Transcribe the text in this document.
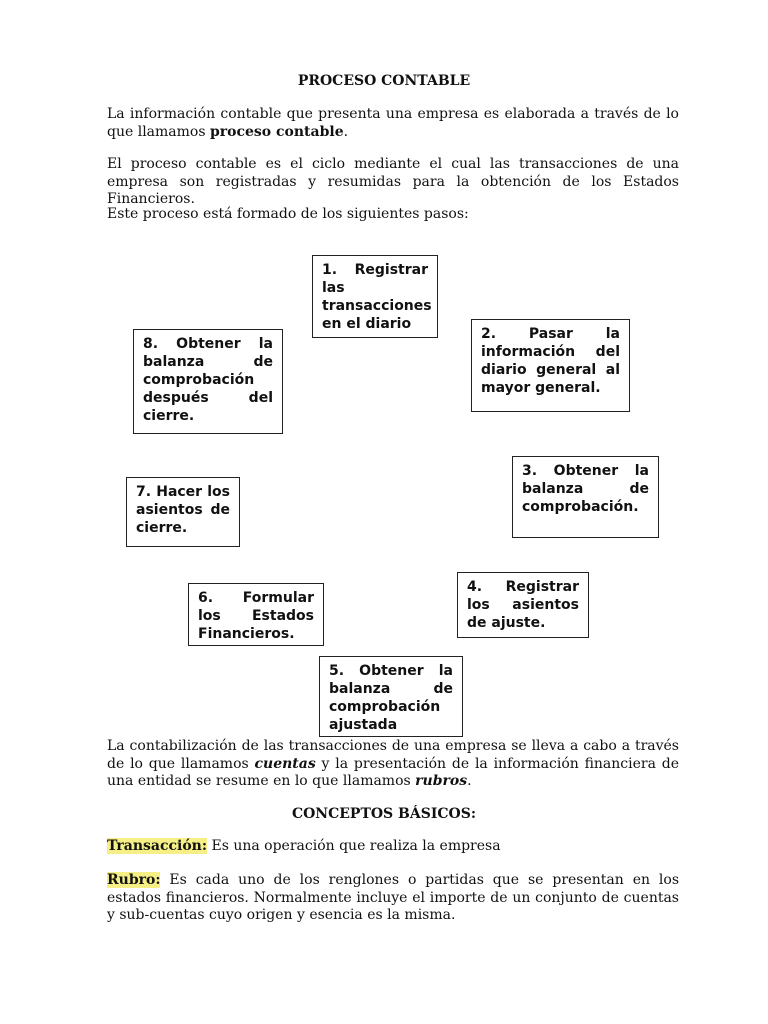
PROCESO CONTABLE
La información contable que presenta una empresa es elaborada a través de lo que llamamos proceso contable.
El proceso contable es el ciclo mediante el cual las transacciones de una empresa son registradas y resumidas para la obtención de los Estados Financieros.
Este proceso está formado de los siguientes pasos:
1. Registrar las transacciones en el diario
2. Pasar la información del diario general al mayor general.
3. Obtener la balanza de comprobación.
4. Registrar los asientos de ajuste.
5. Obtener la balanza de comprobación ajustada
6. Formular los Estados Financieros.
7. Hacer los asientos de cierre.
8. Obtener la balanza de comprobación después del cierre.
La contabilización de las transacciones de una empresa se lleva a cabo a través de lo que llamamos cuentas y la presentación de la información financiera de una entidad se resume en lo que llamamos rubros.
CONCEPTOS BÁSICOS:
Transacción: Es una operación que realiza la empresa
Rubro: Es cada uno de los renglones o partidas que se presentan en los estados financieros. Normalmente incluye el importe de un conjunto de cuentas y sub-cuentas cuyo origen y esencia es la misma.
